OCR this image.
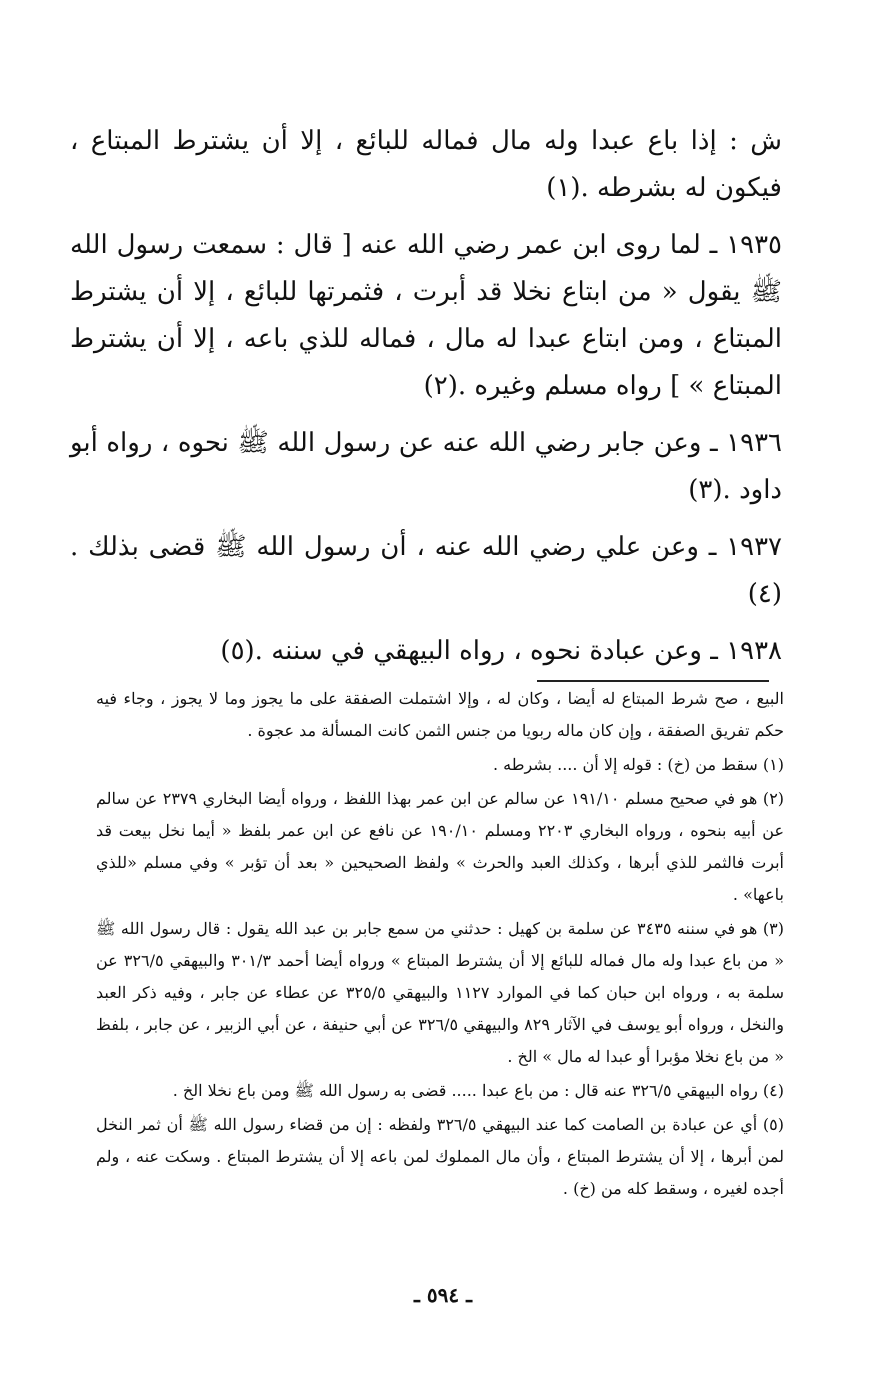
ش : إذا باع عبدا وله مال فماله للبائع ، إلا أن يشترط المبتاع ، فيكون له بشرطه .(١)

١٩٣٥ ـ لما روى ابن عمر رضي الله عنه [ قال : سمعت رسول الله ﷺ يقول « من ابتاع نخلا قد أبرت ، فثمرتها للبائع ، إلا أن يشترط المبتاع ، ومن ابتاع عبدا له مال ، فماله للذي باعه ، إلا أن يشترط المبتاع » ] رواه مسلم وغيره .(٢)

١٩٣٦ ـ وعن جابر رضي الله عنه عن رسول الله ﷺ نحوه ، رواه أبو داود .(٣)

١٩٣٧ ـ وعن علي رضي الله عنه ، أن رسول الله ﷺ قضى بذلك .(٤)

١٩٣٨ ـ وعن عبادة نحوه ، رواه البيهقي في سننه .(٥)

البيع ، صح شرط المبتاع له أيضا ، وكان له ، وإلا اشتملت الصفقة على ما يجوز وما لا يجوز ، وجاء فيه حكم تفريق الصفقة ، وإن كان ماله ربويا من جنس الثمن كانت المسألة مد عجوة .

(١) سقط من (خ) : قوله إلا أن .... بشرطه .

(٢) هو في صحيح مسلم ١٩١/١٠ عن سالم عن ابن عمر بهذا اللفظ ، ورواه أيضا البخاري ٢٣٧٩ عن سالم عن أبيه بنحوه ، ورواه البخاري ٢٢٠٣ ومسلم ١٩٠/١٠ عن نافع عن ابن عمر بلفظ « أيما نخل بيعت قد أبرت فالثمر للذي أبرها ، وكذلك العبد والحرث » ولفظ الصحيحين « بعد أن تؤبر » وفي مسلم «للذي باعها» .

(٣) هو في سننه ٣٤٣٥ عن سلمة بن كهيل : حدثني من سمع جابر بن عبد الله يقول : قال رسول الله ﷺ « من باع عبدا وله مال فماله للبائع إلا أن يشترط المبتاع » ورواه أيضا أحمد ٣٠١/٣ والبيهقي ٣٢٦/٥ عن سلمة به ، ورواه ابن حبان كما في الموارد ١١٢٧ والبيهقي ٣٢٥/٥ عن عطاء عن جابر ، وفيه ذكر العبد والنخل ، ورواه أبو يوسف في الآثار ٨٢٩ والبيهقي ٣٢٦/٥ عن أبي حنيفة ، عن أبي الزبير ، عن جابر ، بلفظ « من باع نخلا مؤبرا أو عبدا له مال » الخ .

(٤) رواه البيهقي ٣٢٦/٥ عنه قال : من باع عبدا ..... قضى به رسول الله ﷺ ومن باع نخلا الخ .

(٥) أي عن عبادة بن الصامت كما عند البيهقي ٣٢٦/٥ ولفظه : إن من قضاء رسول الله ﷺ أن ثمر النخل لمن أبرها ، إلا أن يشترط المبتاع ، وأن مال المملوك لمن باعه إلا أن يشترط المبتاع . وسكت عنه ، ولم أجده لغيره ، وسقط كله من (خ) .

ـ ٥٩٤ ـ
